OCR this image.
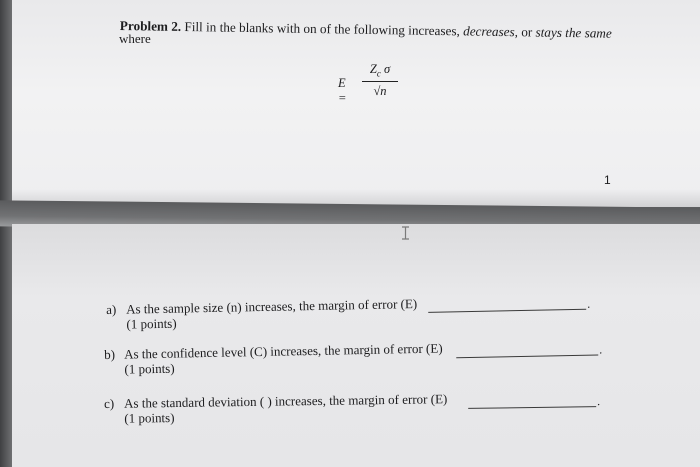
Problem 2. Fill in the blanks with on of the following increases, decreases, or stays the same
where
E =
$Z_c$ σ
√n
1
a) As the sample size (n) increases, the margin of error (E)
(1 points)
.
b) As the confidence level (C) increases, the margin of error (E)
(1 points)
.
c) As the standard deviation ( ) increases, the margin of error (E)
(1 points)
.
